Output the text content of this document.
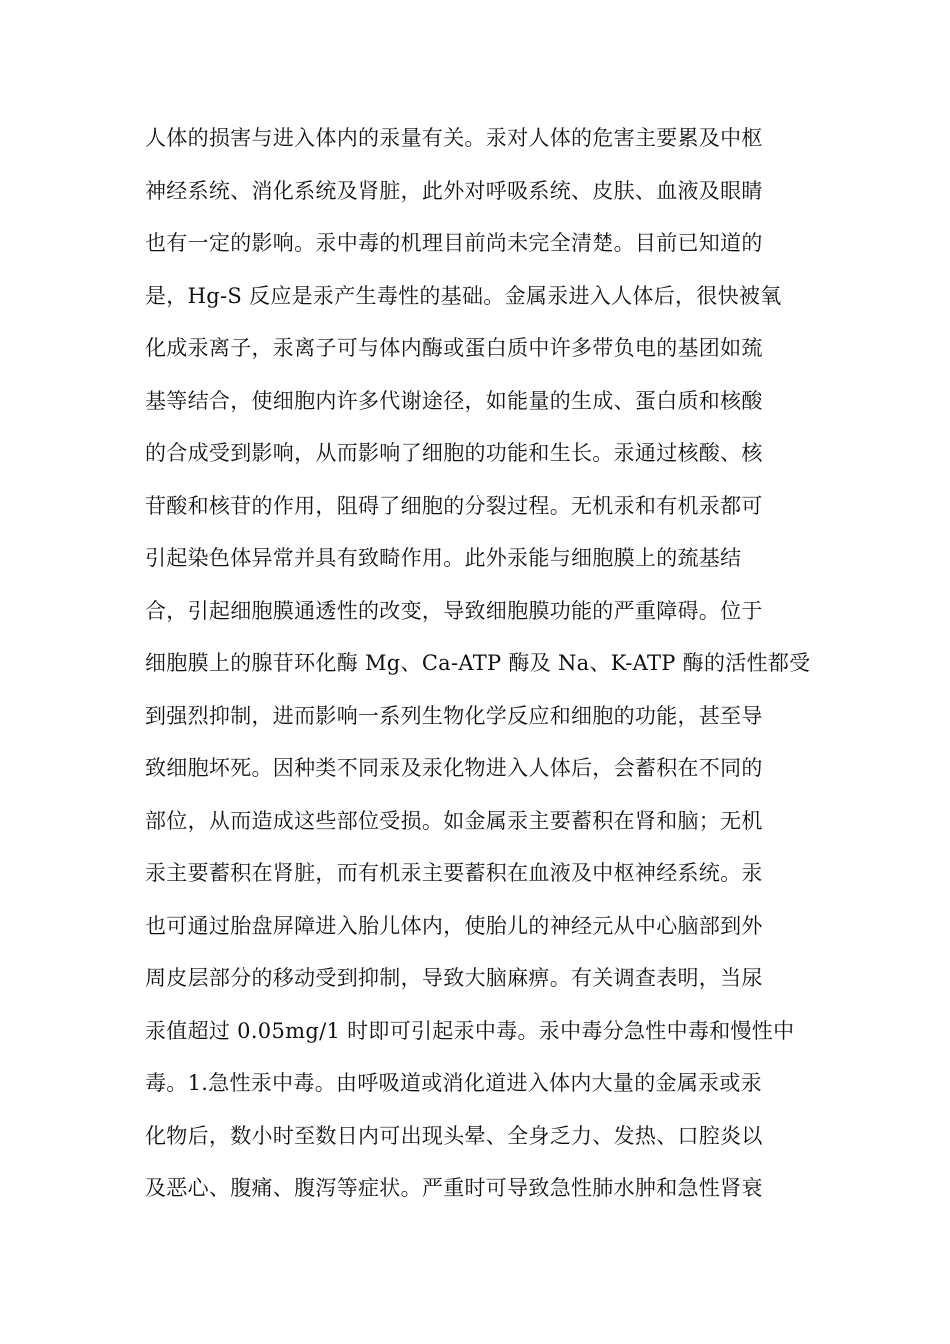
人体的损害与进入体内的汞量有关。汞对人体的危害主要累及中枢
神经系统、消化系统及肾脏，此外对呼吸系统、皮肤、血液及眼睛
也有一定的影响。汞中毒的机理目前尚未完全清楚。目前已知道的
是，Hg-S 反应是汞产生毒性的基础。金属汞进入人体后，很快被氧
化成汞离子，汞离子可与体内酶或蛋白质中许多带负电的基团如巯
基等结合，使细胞内许多代谢途径，如能量的生成、蛋白质和核酸
的合成受到影响，从而影响了细胞的功能和生长。汞通过核酸、核
苷酸和核苷的作用，阻碍了细胞的分裂过程。无机汞和有机汞都可
引起染色体异常并具有致畸作用。此外汞能与细胞膜上的巯基结
合，引起细胞膜通透性的改变，导致细胞膜功能的严重障碍。位于
细胞膜上的腺苷环化酶 Mg、Ca-ATP 酶及 Na、K-ATP 酶的活性都受
到强烈抑制，进而影响一系列生物化学反应和细胞的功能，甚至导
致细胞坏死。因种类不同汞及汞化物进入人体后，会蓄积在不同的
部位，从而造成这些部位受损。如金属汞主要蓄积在肾和脑；无机
汞主要蓄积在肾脏，而有机汞主要蓄积在血液及中枢神经系统。汞
也可通过胎盘屏障进入胎儿体内，使胎儿的神经元从中心脑部到外
周皮层部分的移动受到抑制，导致大脑麻痹。有关调查表明，当尿
汞值超过 0.05mg/1 时即可引起汞中毒。汞中毒分急性中毒和慢性中
毒。1.急性汞中毒。由呼吸道或消化道进入体内大量的金属汞或汞
化物后，数小时至数日内可出现头晕、全身乏力、发热、口腔炎以
及恶心、腹痛、腹泻等症状。严重时可导致急性肺水肿和急性肾衰
